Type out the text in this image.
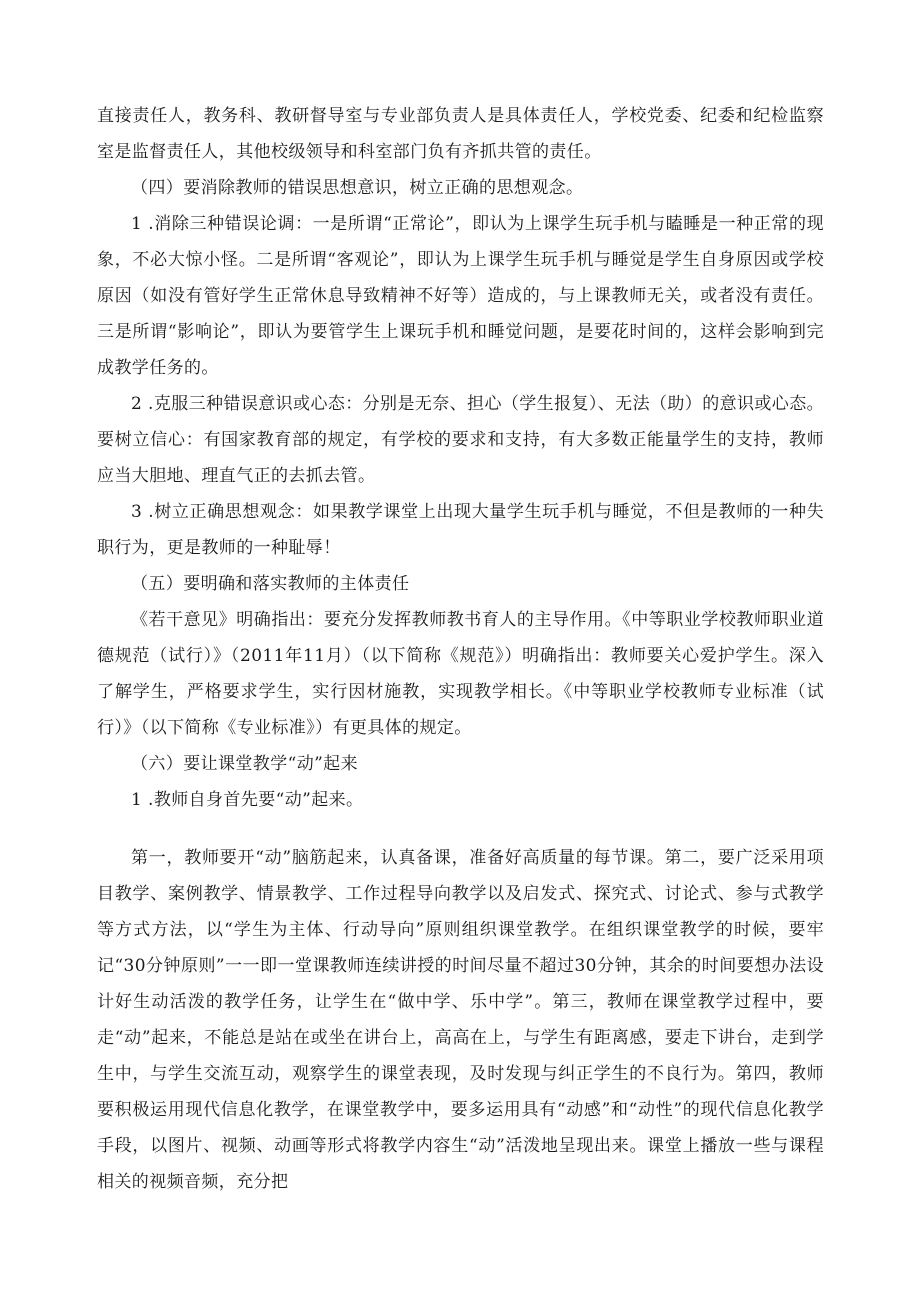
直接责任人，教务科、教研督导室与专业部负责人是具体责任人，学校党委、纪委和纪检监察室是监督责任人，其他校级领导和科室部门负有齐抓共管的责任。

（四）要消除教师的错误思想意识，树立正确的思想观念。

1 .消除三种错误论调：一是所谓“正常论”，即认为上课学生玩手机与瞌睡是一种正常的现象，不必大惊小怪。二是所谓“客观论”，即认为上课学生玩手机与睡觉是学生自身原因或学校原因（如没有管好学生正常休息导致精神不好等）造成的，与上课教师无关，或者没有责任。三是所谓“影响论”，即认为要管学生上课玩手机和睡觉问题，是要花时间的，这样会影响到完成教学任务的。

2 .克服三种错误意识或心态：分别是无奈、担心（学生报复）、无法（助）的意识或心态。要树立信心：有国家教育部的规定，有学校的要求和支持，有大多数正能量学生的支持，教师应当大胆地、理直气正的去抓去管。

3 .树立正确思想观念：如果教学课堂上出现大量学生玩手机与睡觉，不但是教师的一种失职行为，更是教师的一种耻辱！

（五）要明确和落实教师的主体责任

《若干意见》明确指出：要充分发挥教师教书育人的主导作用。《中等职业学校教师职业道德规范（试行）》（2011年11月）（以下简称《规范》）明确指出：教师要关心爱护学生。深入了解学生，严格要求学生，实行因材施教，实现教学相长。《中等职业学校教师专业标准（试行）》（以下简称《专业标准》）有更具体的规定。

（六）要让课堂教学“动”起来

1 .教师自身首先要“动”起来。

第一，教师要开“动”脑筋起来，认真备课，准备好高质量的每节课。第二，要广泛采用项目教学、案例教学、情景教学、工作过程导向教学以及启发式、探究式、讨论式、参与式教学等方式方法，以“学生为主体、行动导向”原则组织课堂教学。在组织课堂教学的时候，要牢记“30分钟原则”一一即一堂课教师连续讲授的时间尽量不超过30分钟，其余的时间要想办法设计好生动活泼的教学任务，让学生在“做中学、乐中学”。第三，教师在课堂教学过程中，要走“动”起来，不能总是站在或坐在讲台上，高高在上，与学生有距离感，要走下讲台，走到学生中，与学生交流互动，观察学生的课堂表现，及时发现与纠正学生的不良行为。第四，教师要积极运用现代信息化教学，在课堂教学中，要多运用具有“动感”和“动性”的现代信息化教学手段，以图片、视频、动画等形式将教学内容生“动”活泼地呈现出来。课堂上播放一些与课程相关的视频音频，充分把
